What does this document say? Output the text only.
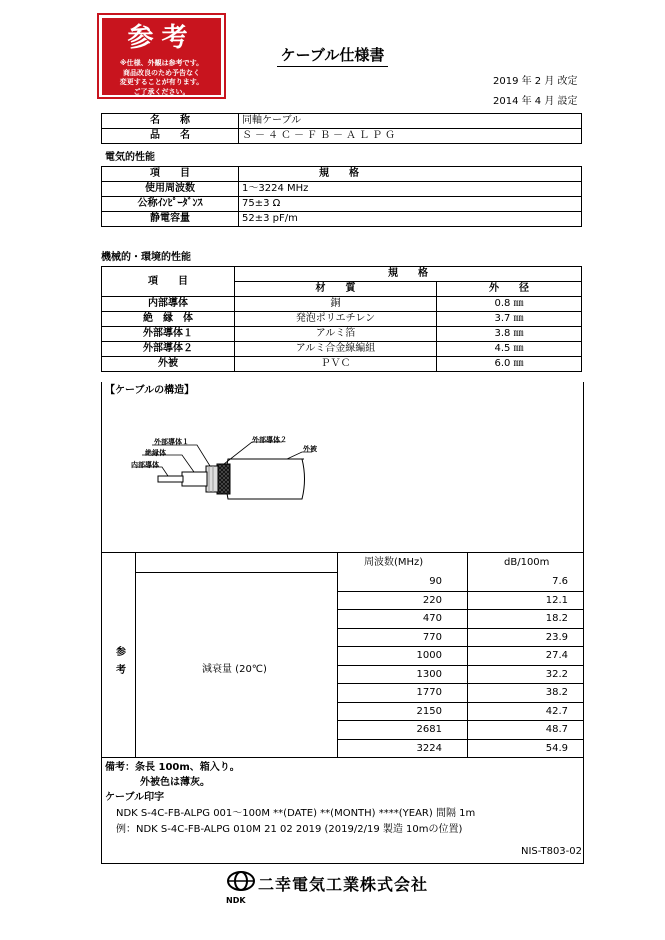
参考
※仕様、外観は参考です。
商品改良のため予告なく
変更することが有ります。
ご了承ください。
ケーブル仕様書
2019 年 2 月 改定
2014 年 4 月 設定
名　　称	同軸ケーブル
品　　名	Ｓ－４Ｃ－ＦＢ－ＡＬＰＧ
電気的性能
項　　目	規　　格
使用周波数	1～3224 MHz
公称ｲﾝﾋﾟｰﾀﾞﾝｽ	75±3 Ω
静電容量	52±3 pF/m
機械的・環境的性能
項　　目	規　　格	
	材　　質	外　　径
内部導体	銅	0.8 ㎜
絶　縁　体	発泡ポリエチレン	3.7 ㎜
外部導体１	アルミ箔	3.8 ㎜
外部導体２	アルミ合金線編組	4.5 ㎜
外被	ＰＶＣ	6.0 ㎜
【ケーブルの構造】
外部導体１
絶縁体
内部導体
外部導体２
外被
参
考	減衰量 (20℃)
周波数(MHz)	dB/100m
90	7.6
220	12.1
470	18.2
770	23.9
1000	27.4
1300	32.2
1770	38.2
2150	42.7
2681	48.7
3224	54.9
備考：条長 100m、箱入り。
外被色は薄灰。
ケーブル印字
NDK S-4C-FB-ALPG 001～100M **(DATE) **(MONTH) ****(YEAR) 間隔 1m
例：NDK S-4C-FB-ALPG 010M 21 02 2019 (2019/2/19 製造 10mの位置)
NIS-T803-02
NDK
二幸電気工業株式会社
